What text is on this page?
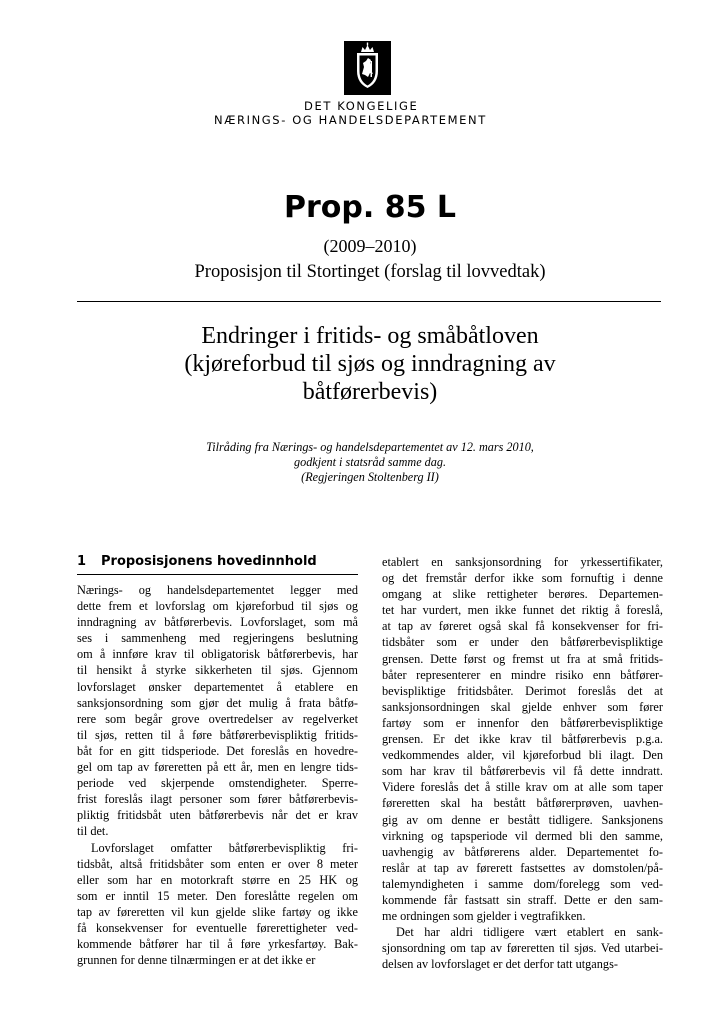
DET KONGELIGE
NÆRINGS- OG HANDELSDEPARTEMENT
Prop. 85 L
(2009–2010)
Proposisjon til Stortinget (forslag til lovvedtak)
Endringer i fritids- og småbåtloven
(kjøreforbud til sjøs og inndragning av
båtførerbevis)
Tilråding fra Nærings- og handelsdepartementet av 12. mars 2010,
godkjent i statsråd samme dag.
(Regjeringen Stoltenberg II)
1 Proposisjonens hovedinnhold
Nærings- og handelsdepartementet legger med
dette frem et lovforslag om kjøreforbud til sjøs og
inndragning av båtførerbevis. Lovforslaget, som må
ses i sammenheng med regjeringens beslutning
om å innføre krav til obligatorisk båtførerbevis, har
til hensikt å styrke sikkerheten til sjøs. Gjennom
lovforslaget ønsker departementet å etablere en
sanksjonsordning som gjør det mulig å frata båtfø-
rere som begår grove overtredelser av regelverket
til sjøs, retten til å føre båtførerbevispliktig fritids-
båt for en gitt tidsperiode. Det foreslås en hovedre-
gel om tap av føreretten på ett år, men en lengre tids-
periode ved skjerpende omstendigheter. Sperre-
frist foreslås ilagt personer som fører båtførerbevis-
pliktig fritidsbåt uten båtførerbevis når det er krav
til det.
Lovforslaget omfatter båtførerbevispliktig fri-
tidsbåt, altså fritidsbåter som enten er over 8 meter
eller som har en motorkraft større en 25 HK og
som er inntil 15 meter. Den foreslåtte regelen om
tap av føreretten vil kun gjelde slike fartøy og ikke
få konsekvenser for eventuelle førerettigheter ved-
kommende båtfører har til å føre yrkesfartøy. Bak-
grunnen for denne tilnærmingen er at det ikke er
etablert en sanksjonsordning for yrkessertifikater,
og det fremstår derfor ikke som fornuftig i denne
omgang at slike rettigheter berøres. Departemen-
tet har vurdert, men ikke funnet det riktig å foreslå,
at tap av føreret også skal få konsekvenser for fri-
tidsbåter som er under den båtførerbevispliktige
grensen. Dette først og fremst ut fra at små fritids-
båter representerer en mindre risiko enn båtfører-
bevispliktige fritidsbåter. Derimot foreslås det at
sanksjonsordningen skal gjelde enhver som fører
fartøy som er innenfor den båtførerbevispliktige
grensen. Er det ikke krav til båtførerbevis p.g.a.
vedkommendes alder, vil kjøreforbud bli ilagt. Den
som har krav til båtførerbevis vil få dette inndratt.
Videre foreslås det å stille krav om at alle som taper
føreretten skal ha bestått båtførerprøven, uavhen-
gig av om denne er bestått tidligere. Sanksjonens
virkning og tapsperiode vil dermed bli den samme,
uavhengig av båtførerens alder. Departementet fo-
reslår at tap av førerett fastsettes av domstolen/på-
talemyndigheten i samme dom/forelegg som ved-
kommende får fastsatt sin straff. Dette er den sam-
me ordningen som gjelder i vegtrafikken.
Det har aldri tidligere vært etablert en sank-
sjonsordning om tap av føreretten til sjøs. Ved utarbei-
delsen av lovforslaget er det derfor tatt utgangs-
